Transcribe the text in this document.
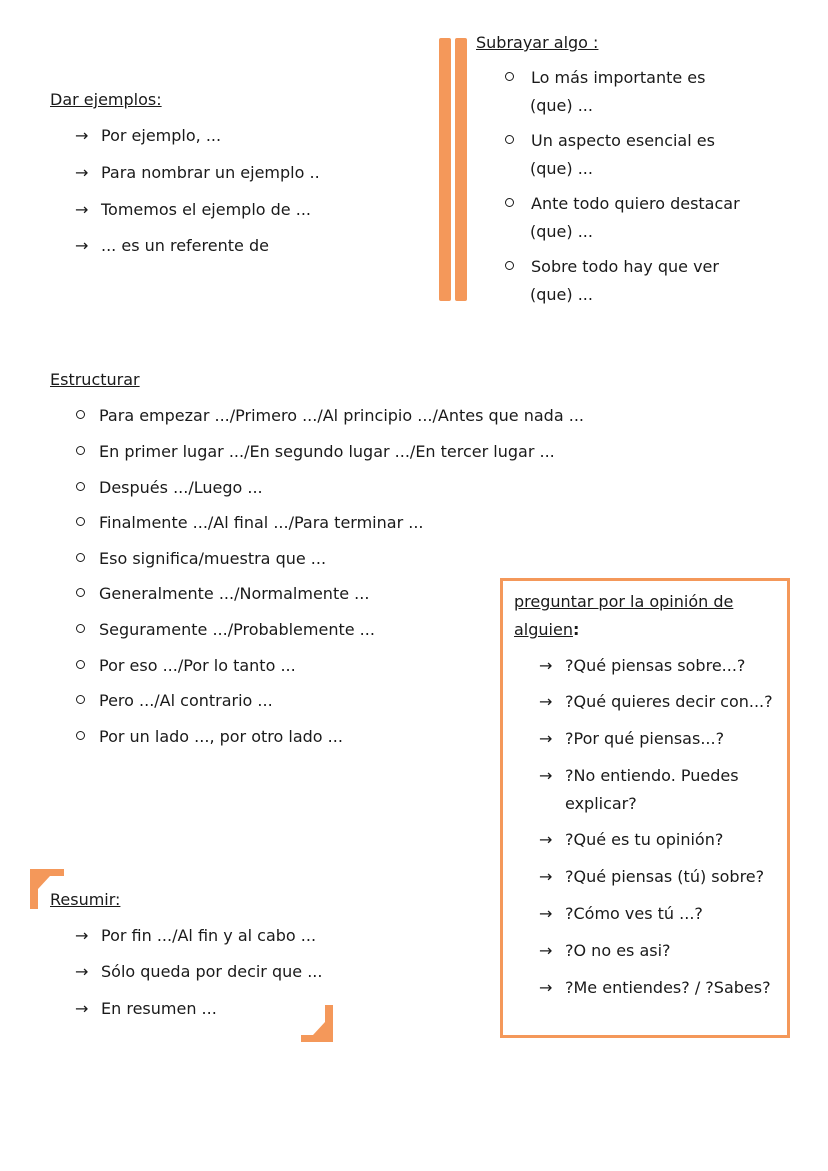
Dar ejemplos:
→ Por ejemplo, ...
→ Para nombrar un ejemplo ..
→ Tomemos el ejemplo de ...
→ ... es un referente de
Subrayar algo :
Lo más importante es
(que) ...
Un aspecto esencial es
(que) ...
Ante todo quiero destacar
(que) ...
Sobre todo hay que ver
(que) ...
Estructurar
Para empezar .../Primero .../Al principio .../Antes que nada ...
En primer lugar .../En segundo lugar .../En tercer lugar ...
Después .../Luego ...
Finalmente .../Al final .../Para terminar ...
Eso significa/muestra que ...
Generalmente .../Normalmente ...
Seguramente .../Probablemente ...
Por eso .../Por lo tanto ...
Pero .../Al contrario ...
Por un lado ..., por otro lado ...
preguntar por la opinión de
alguien:
→ ?Qué piensas sobre...?
→ ?Qué quieres decir con...?
→ ?Por qué piensas...?
→ ?No entiendo. Puedes
explicar?
→ ?Qué es tu opinión?
→ ?Qué piensas (tú) sobre?
→ ?Cómo ves tú ...?
→ ?O no es asi?
→ ?Me entiendes? / ?Sabes?
Resumir:
→ Por fin .../Al fin y al cabo ...
→ Sólo queda por decir que ...
→ En resumen ...
